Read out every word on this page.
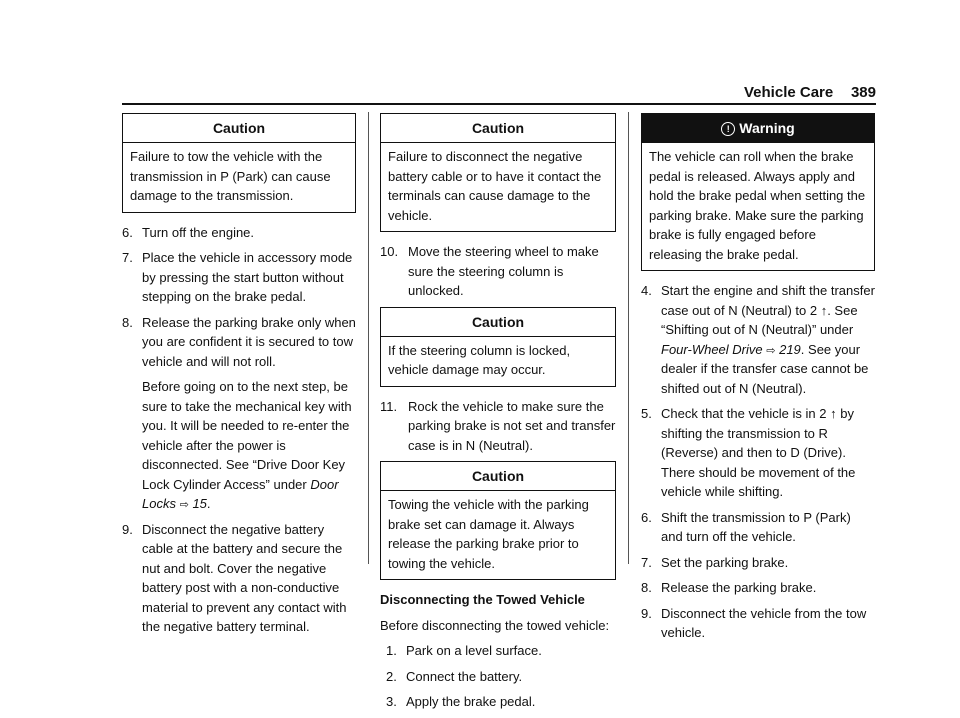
Vehicle Care 389
Caution
Failure to tow the vehicle with the transmission in P (Park) can cause damage to the transmission.
6. Turn off the engine.
7. Place the vehicle in accessory mode by pressing the start button without stepping on the brake pedal.
8. Release the parking brake only when you are confident it is secured to tow vehicle and will not roll.

Before going on to the next step, be sure to take the mechanical key with you. It will be needed to re-enter the vehicle after the power is disconnected. See “Drive Door Key Lock Cylinder Access” under Door Locks ⇨ 15.

9. Disconnect the negative battery cable at the battery and secure the nut and bolt. Cover the negative battery post with a non-conductive material to prevent any contact with the negative battery terminal.
Caution
Failure to disconnect the negative battery cable or to have it contact the terminals can cause damage to the vehicle.
10. Move the steering wheel to make sure the steering column is unlocked.
Caution
If the steering column is locked, vehicle damage may occur.
11. Rock the vehicle to make sure the parking brake is not set and transfer case is in N (Neutral).
Caution
Towing the vehicle with the parking brake set can damage it. Always release the parking brake prior to towing the vehicle.
Disconnecting the Towed Vehicle
Before disconnecting the towed vehicle:
1. Park on a level surface.
2. Connect the battery.
3. Apply the brake pedal.
! Warning
The vehicle can roll when the brake pedal is released. Always apply and hold the brake pedal when setting the parking brake. Make sure the parking brake is fully engaged before releasing the brake pedal.
4. Start the engine and shift the transfer case out of N (Neutral) to 2 ↑. See “Shifting out of N (Neutral)” under Four-Wheel Drive ⇨ 219. See your dealer if the transfer case cannot be shifted out of N (Neutral).
5. Check that the vehicle is in 2 ↑ by shifting the transmission to R (Reverse) and then to D (Drive). There should be movement of the vehicle while shifting.
6. Shift the transmission to P (Park) and turn off the vehicle.
7. Set the parking brake.
8. Release the parking brake.
9. Disconnect the vehicle from the tow vehicle.
